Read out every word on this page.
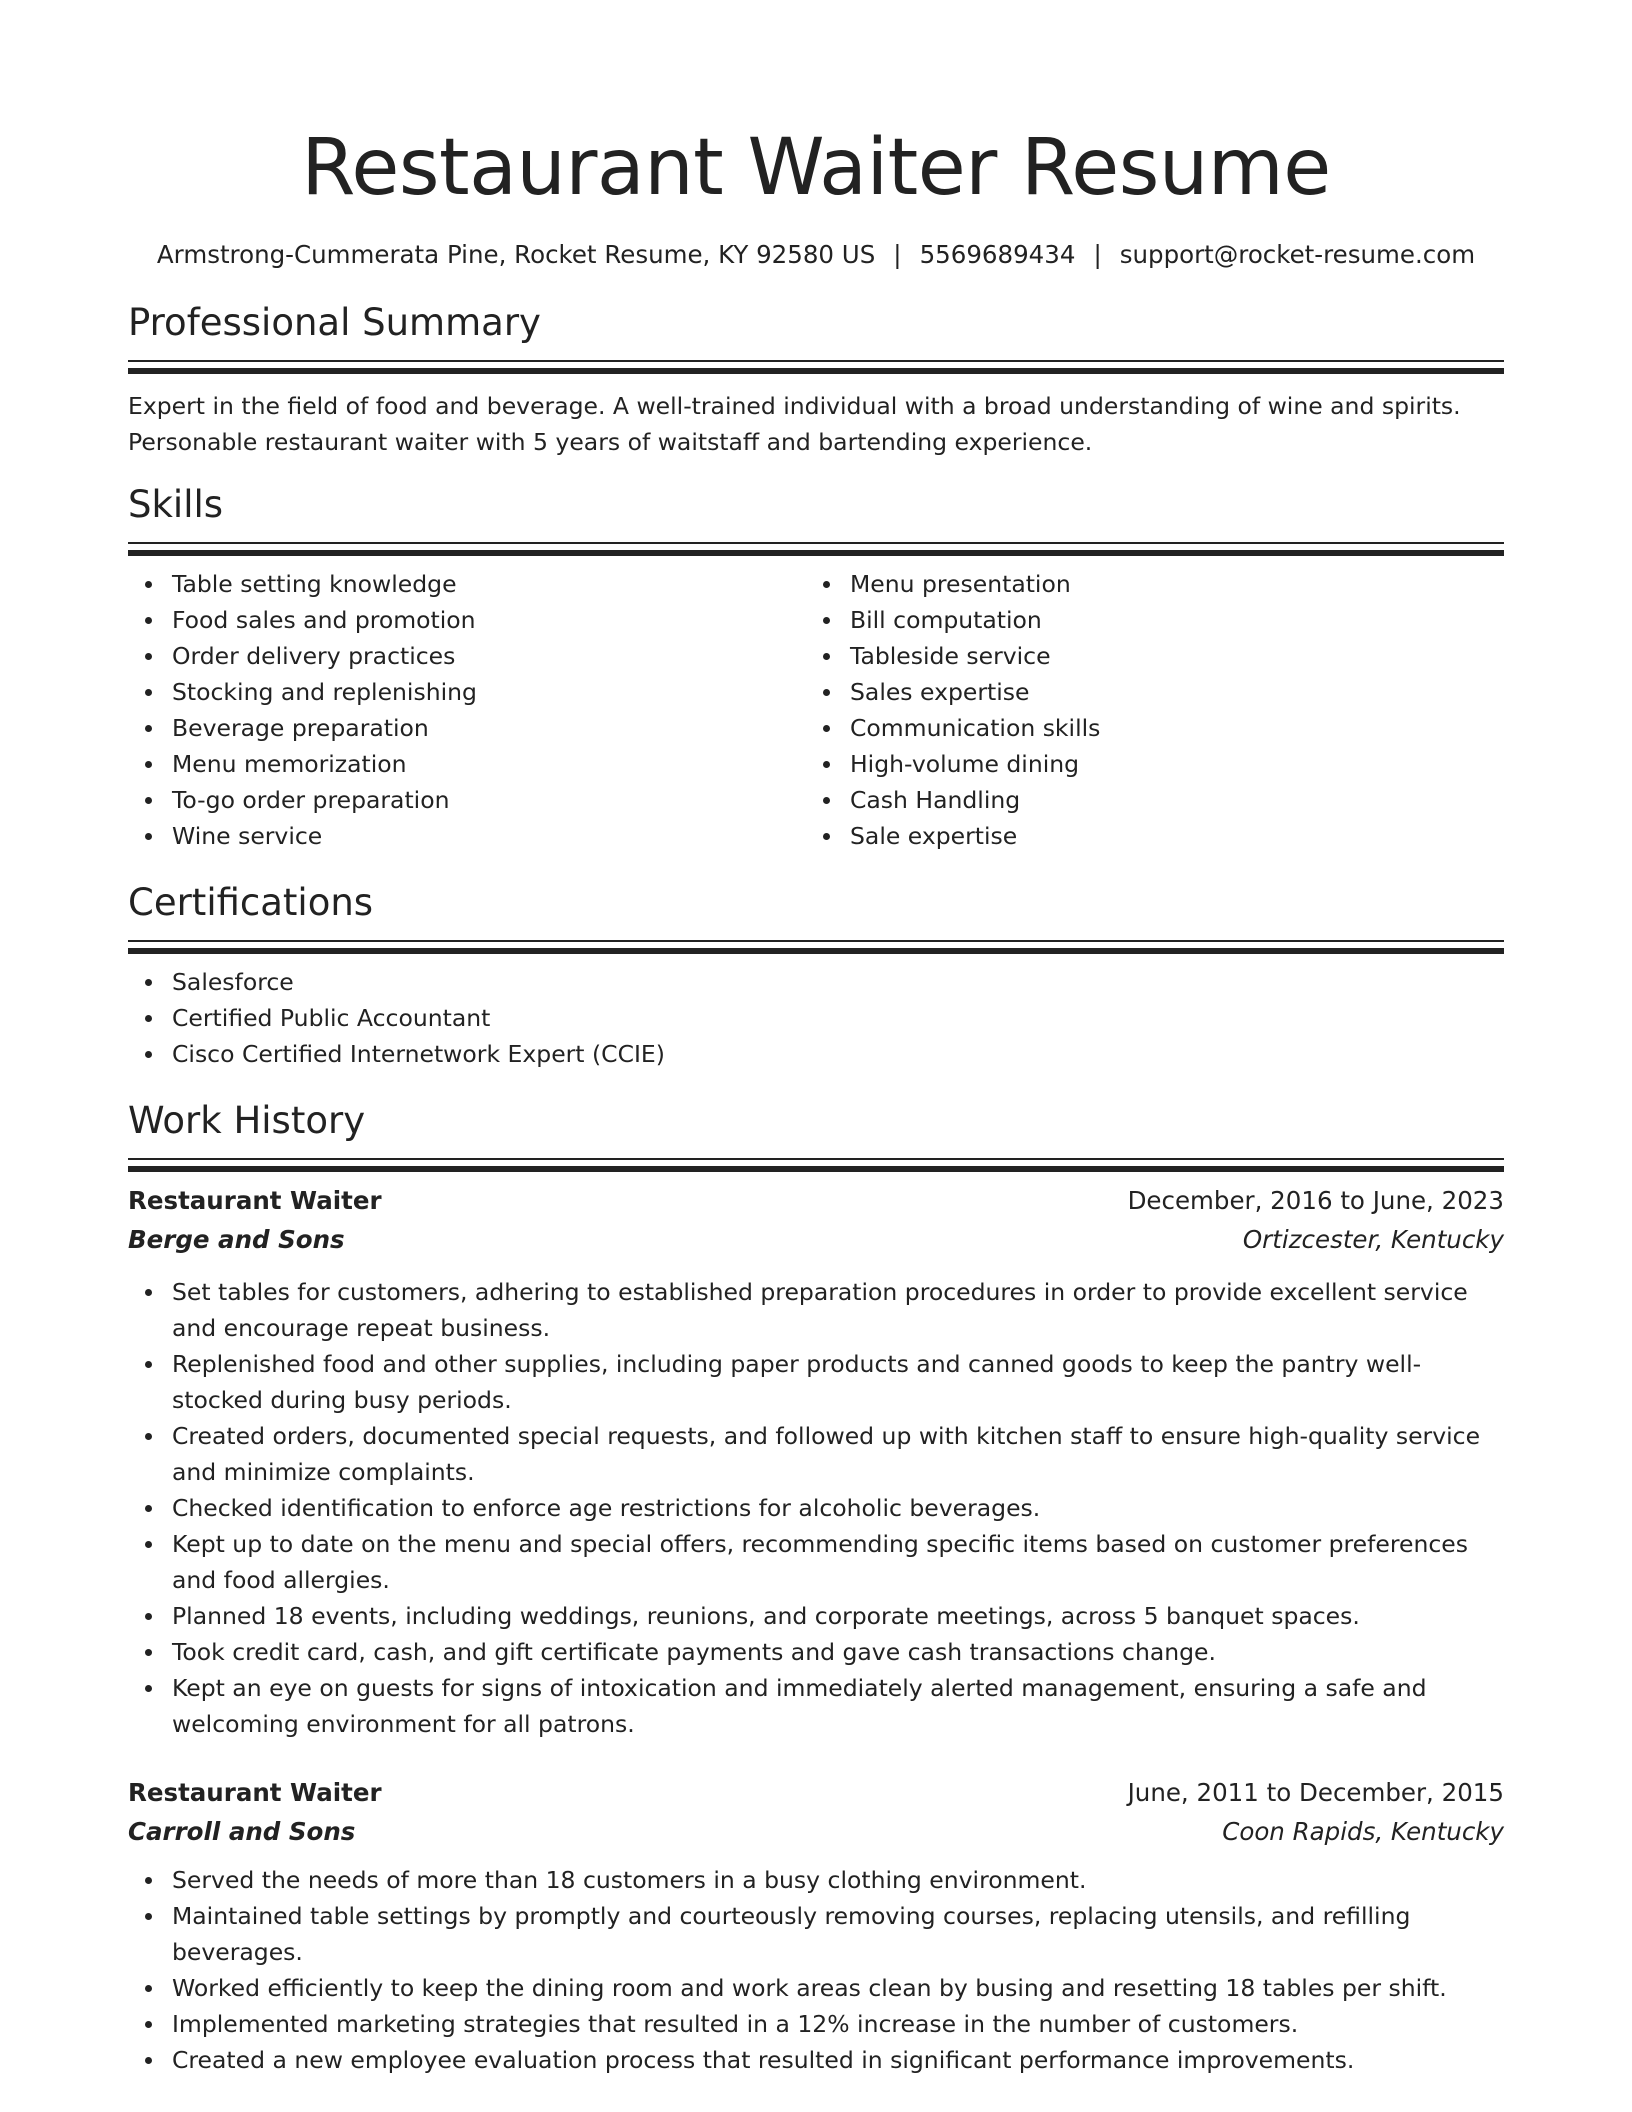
Restaurant Waiter Resume
Armstrong-Cummerata Pine, Rocket Resume, KY 92580 US | 5569689434 | support@rocket-resume.com
Professional Summary

Expert in the field of food and beverage. A well-trained individual with a broad understanding of wine and spirits. Personable restaurant waiter with 5 years of waitstaff and bartending experience.

Skills
Table setting knowledge
Food sales and promotion
Order delivery practices
Stocking and replenishing
Beverage preparation
Menu memorization
To-go order preparation
Wine service
Menu presentation
Bill computation
Tableside service
Sales expertise
Communication skills
High-volume dining
Cash Handling
Sale expertise
Certifications
Salesforce
Certified Public Accountant
Cisco Certified Internetwork Expert (CCIE)
Work History
Restaurant Waiter	December, 2016 to June, 2023
Berge and Sons	Ortizcester, Kentucky
Set tables for customers, adhering to established preparation procedures in order to provide excellent service and encourage repeat business.
Replenished food and other supplies, including paper products and canned goods to keep the pantry well-stocked during busy periods.
Created orders, documented special requests, and followed up with kitchen staff to ensure high-quality service and minimize complaints.
Checked identification to enforce age restrictions for alcoholic beverages.
Kept up to date on the menu and special offers, recommending specific items based on customer preferences and food allergies.
Planned 18 events, including weddings, reunions, and corporate meetings, across 5 banquet spaces.
Took credit card, cash, and gift certificate payments and gave cash transactions change.
Kept an eye on guests for signs of intoxication and immediately alerted management, ensuring a safe and welcoming environment for all patrons.
Restaurant Waiter	June, 2011 to December, 2015
Carroll and Sons	Coon Rapids, Kentucky
Served the needs of more than 18 customers in a busy clothing environment.
Maintained table settings by promptly and courteously removing courses, replacing utensils, and refilling beverages.
Worked efficiently to keep the dining room and work areas clean by busing and resetting 18 tables per shift.
Implemented marketing strategies that resulted in a 12% increase in the number of customers.
Created a new employee evaluation process that resulted in significant performance improvements.
